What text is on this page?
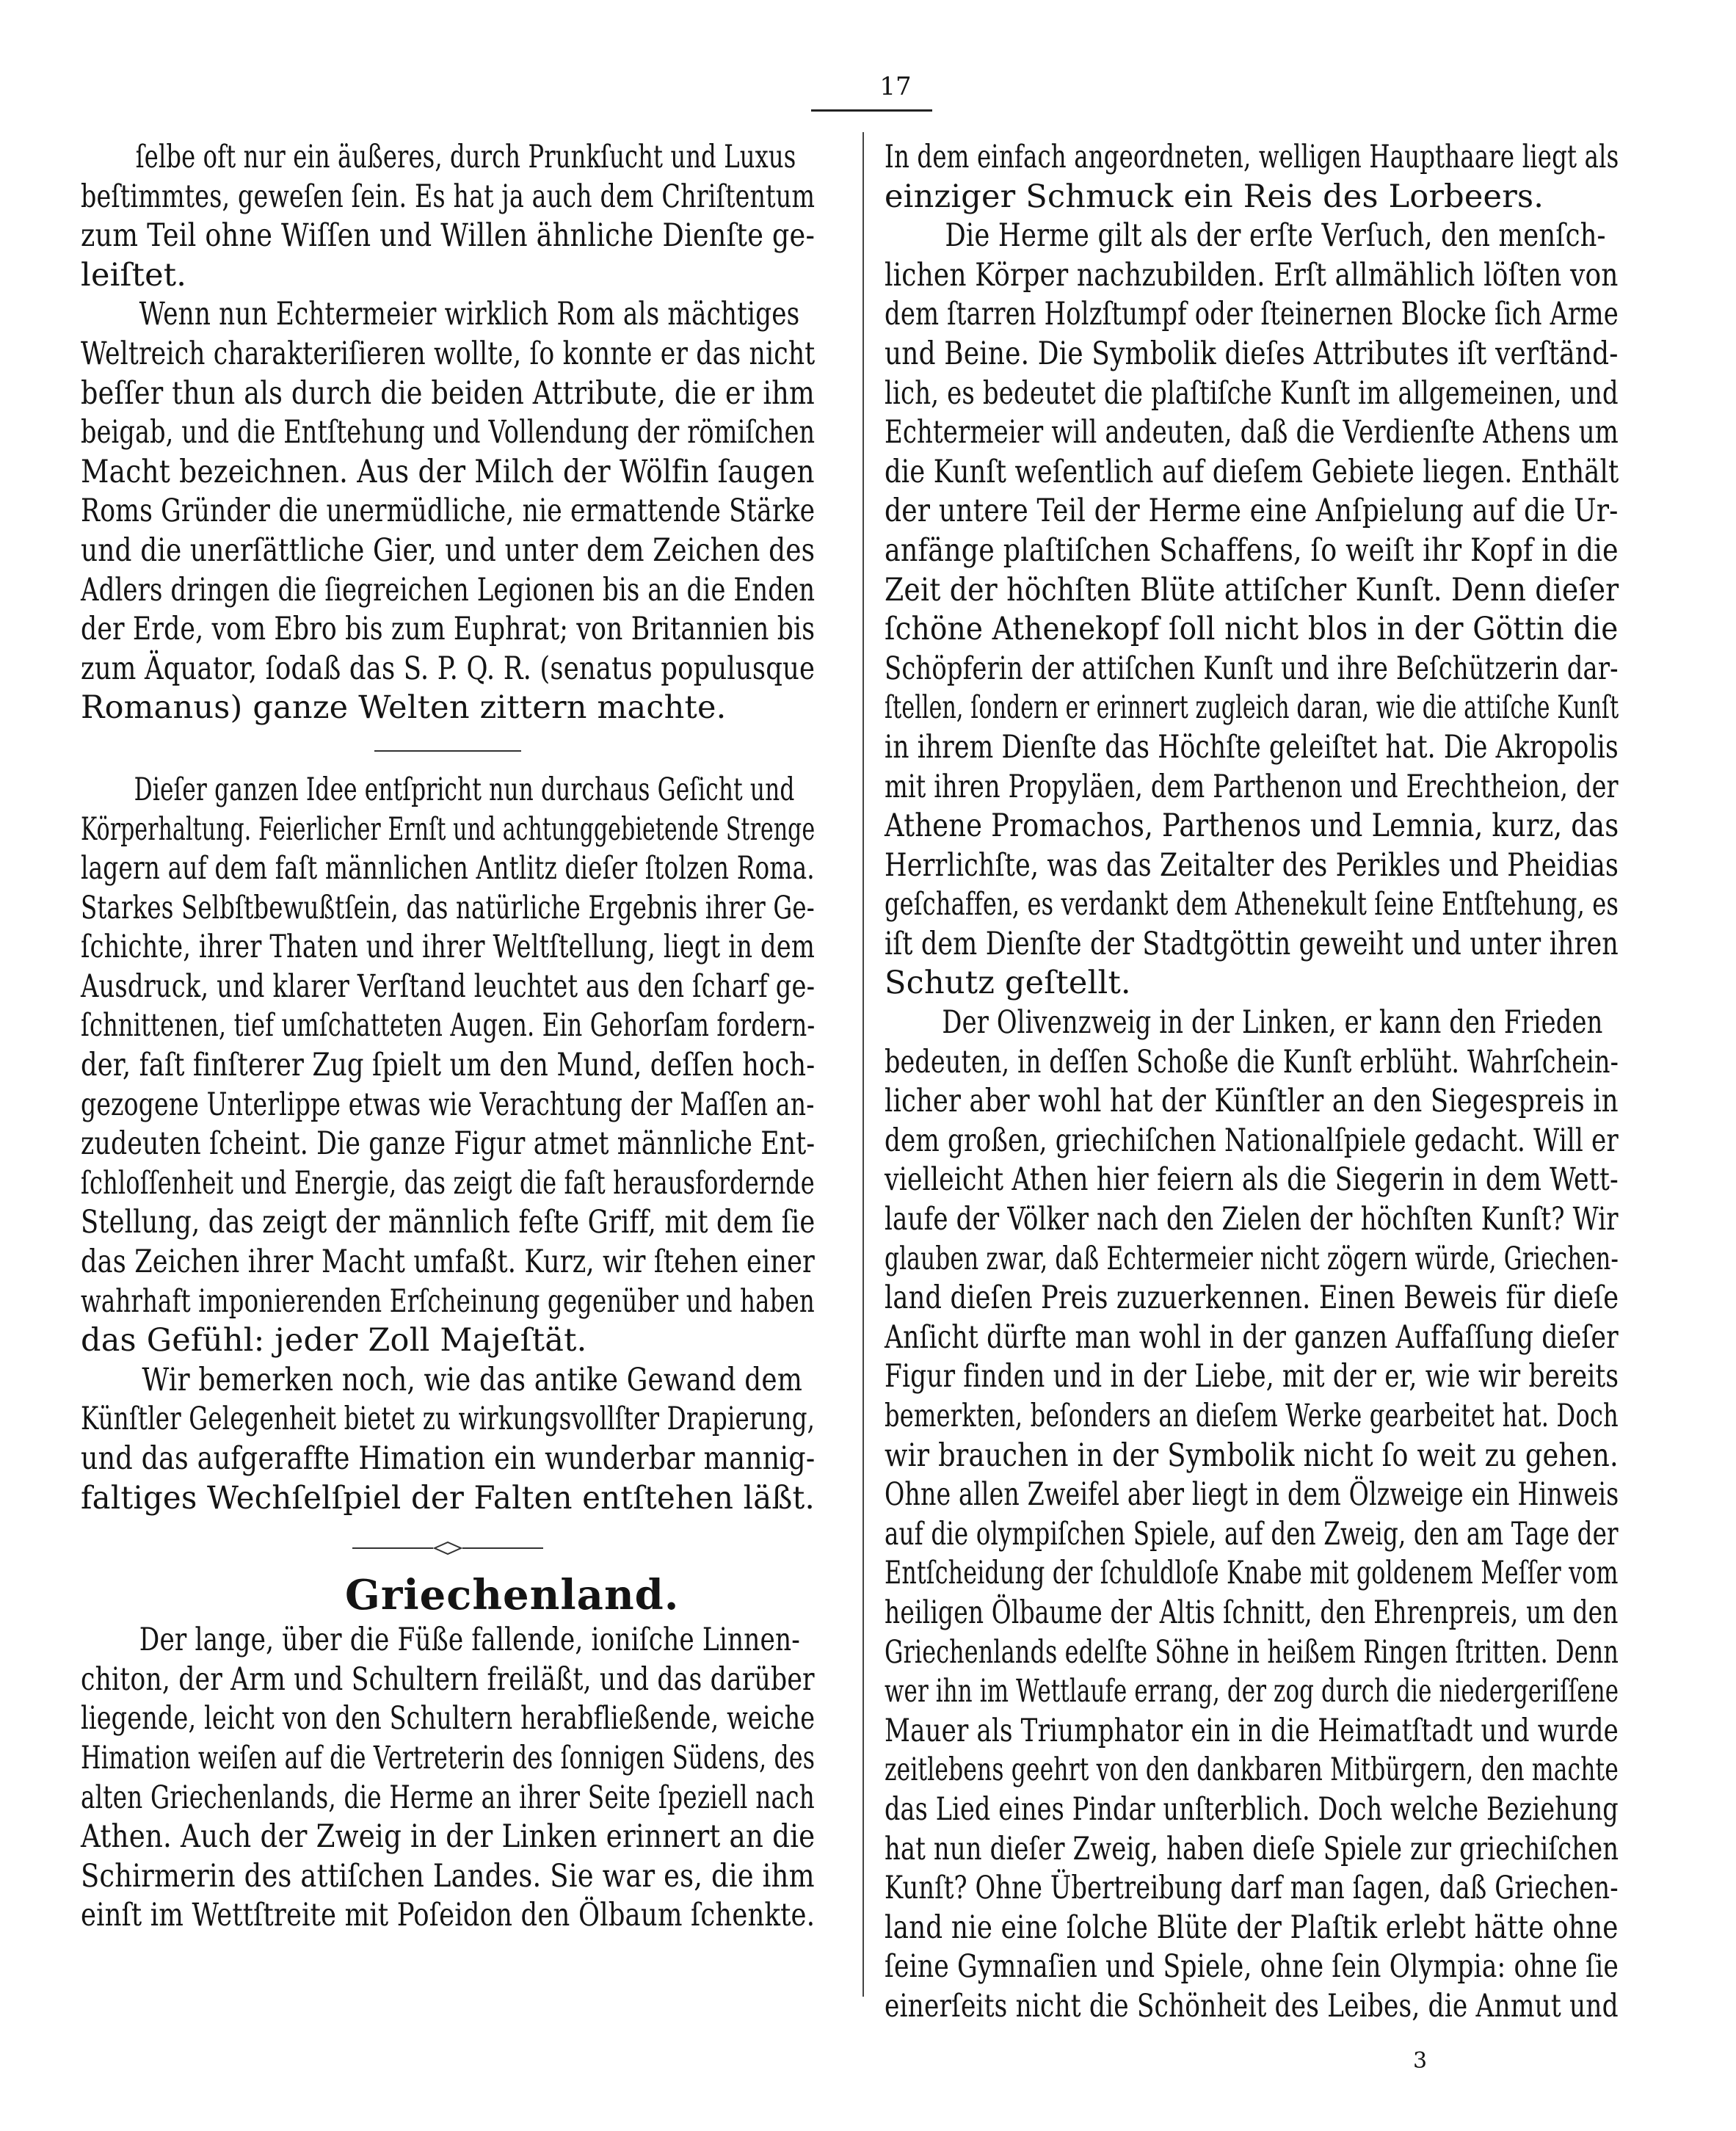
17
ſelbe oft nur ein äußeres, durch Prunkſucht und Luxus
beſtimmtes, geweſen ſein. Es hat ja auch dem Chriſtentum
zum Teil ohne Wiſſen und Willen ähnliche Dienſte ge-
leiſtet.
Wenn nun Echtermeier wirklich Rom als mächtiges
Weltreich charakteriſieren wollte, ſo konnte er das nicht
beſſer thun als durch die beiden Attribute, die er ihm
beigab, und die Entſtehung und Vollendung der römiſchen
Macht bezeichnen. Aus der Milch der Wölfin ſaugen
Roms Gründer die unermüdliche, nie ermattende Stärke
und die unerſättliche Gier, und unter dem Zeichen des
Adlers dringen die ſiegreichen Legionen bis an die Enden
der Erde, vom Ebro bis zum Euphrat; von Britannien bis
zum Äquator, ſodaß das S. P. Q. R. (senatus populusque
Romanus) ganze Welten zittern machte.
Dieſer ganzen Idee entſpricht nun durchaus Geſicht und
Körperhaltung. Feierlicher Ernſt und achtunggebietende Strenge
lagern auf dem faſt männlichen Antlitz dieſer ſtolzen Roma.
Starkes Selbſtbewußtſein, das natürliche Ergebnis ihrer Ge-
ſchichte, ihrer Thaten und ihrer Weltſtellung, liegt in dem
Ausdruck, und klarer Verſtand leuchtet aus den ſcharf ge-
ſchnittenen, tief umſchatteten Augen. Ein Gehorſam fordern-
der, faſt finſterer Zug ſpielt um den Mund, deſſen hoch-
gezogene Unterlippe etwas wie Verachtung der Maſſen an-
zudeuten ſcheint. Die ganze Figur atmet männliche Ent-
ſchloſſenheit und Energie, das zeigt die faſt herausfordernde
Stellung, das zeigt der männlich feſte Griff, mit dem ſie
das Zeichen ihrer Macht umfaßt. Kurz, wir ſtehen einer
wahrhaft imponierenden Erſcheinung gegenüber und haben
das Gefühl: jeder Zoll Majeſtät.
Wir bemerken noch, wie das antike Gewand dem
Künſtler Gelegenheit bietet zu wirkungsvollſter Drapierung,
und das aufgeraffte Himation ein wunderbar mannig-
faltiges Wechſelſpiel der Falten entſtehen läßt.
Griechenland.
Der lange, über die Füße fallende, ioniſche Linnen-
chiton, der Arm und Schultern freiläßt, und das darüber
liegende, leicht von den Schultern herabfließende, weiche
Himation weiſen auf die Vertreterin des ſonnigen Südens, des
alten Griechenlands, die Herme an ihrer Seite ſpeziell nach
Athen. Auch der Zweig in der Linken erinnert an die
Schirmerin des attiſchen Landes. Sie war es, die ihm
einſt im Wettſtreite mit Poſeidon den Ölbaum ſchenkte.
In dem einfach angeordneten, welligen Haupthaare liegt als
einziger Schmuck ein Reis des Lorbeers.
Die Herme gilt als der erſte Verſuch, den menſch-
lichen Körper nachzubilden. Erſt allmählich löſten von
dem ſtarren Holzſtumpf oder ſteinernen Blocke ſich Arme
und Beine. Die Symbolik dieſes Attributes iſt verſtänd-
lich, es bedeutet die plaſtiſche Kunſt im allgemeinen, und
Echtermeier will andeuten, daß die Verdienſte Athens um
die Kunſt weſentlich auf dieſem Gebiete liegen. Enthält
der untere Teil der Herme eine Anſpielung auf die Ur-
anfänge plaſtiſchen Schaffens, ſo weiſt ihr Kopf in die
Zeit der höchſten Blüte attiſcher Kunſt. Denn dieſer
ſchöne Athenekopf ſoll nicht blos in der Göttin die
Schöpferin der attiſchen Kunſt und ihre Beſchützerin dar-
ſtellen, ſondern er erinnert zugleich daran, wie die attiſche Kunſt
in ihrem Dienſte das Höchſte geleiſtet hat. Die Akropolis
mit ihren Propyläen, dem Parthenon und Erechtheion, der
Athene Promachos, Parthenos und Lemnia, kurz, das
Herrlichſte, was das Zeitalter des Perikles und Pheidias
geſchaffen, es verdankt dem Athenekult ſeine Entſtehung, es
iſt dem Dienſte der Stadtgöttin geweiht und unter ihren
Schutz geſtellt.
Der Olivenzweig in der Linken, er kann den Frieden
bedeuten, in deſſen Schoße die Kunſt erblüht. Wahrſchein-
licher aber wohl hat der Künſtler an den Siegespreis in
dem großen, griechiſchen Nationalſpiele gedacht. Will er
vielleicht Athen hier feiern als die Siegerin in dem Wett-
laufe der Völker nach den Zielen der höchſten Kunſt? Wir
glauben zwar, daß Echtermeier nicht zögern würde, Griechen-
land dieſen Preis zuzuerkennen. Einen Beweis für dieſe
Anſicht dürfte man wohl in der ganzen Auffaſſung dieſer
Figur finden und in der Liebe, mit der er, wie wir bereits
bemerkten, beſonders an dieſem Werke gearbeitet hat. Doch
wir brauchen in der Symbolik nicht ſo weit zu gehen.
Ohne allen Zweifel aber liegt in dem Ölzweige ein Hinweis
auf die olympiſchen Spiele, auf den Zweig, den am Tage der
Entſcheidung der ſchuldloſe Knabe mit goldenem Meſſer vom
heiligen Ölbaume der Altis ſchnitt, den Ehrenpreis, um den
Griechenlands edelſte Söhne in heißem Ringen ſtritten. Denn
wer ihn im Wettlaufe errang, der zog durch die niedergeriſſene
Mauer als Triumphator ein in die Heimatſtadt und wurde
zeitlebens geehrt von den dankbaren Mitbürgern, den machte
das Lied eines Pindar unſterblich. Doch welche Beziehung
hat nun dieſer Zweig, haben dieſe Spiele zur griechiſchen
Kunſt? Ohne Übertreibung darf man ſagen, daß Griechen-
land nie eine ſolche Blüte der Plaſtik erlebt hätte ohne
ſeine Gymnaſien und Spiele, ohne ſein Olympia: ohne ſie
einerſeits nicht die Schönheit des Leibes, die Anmut und
3
